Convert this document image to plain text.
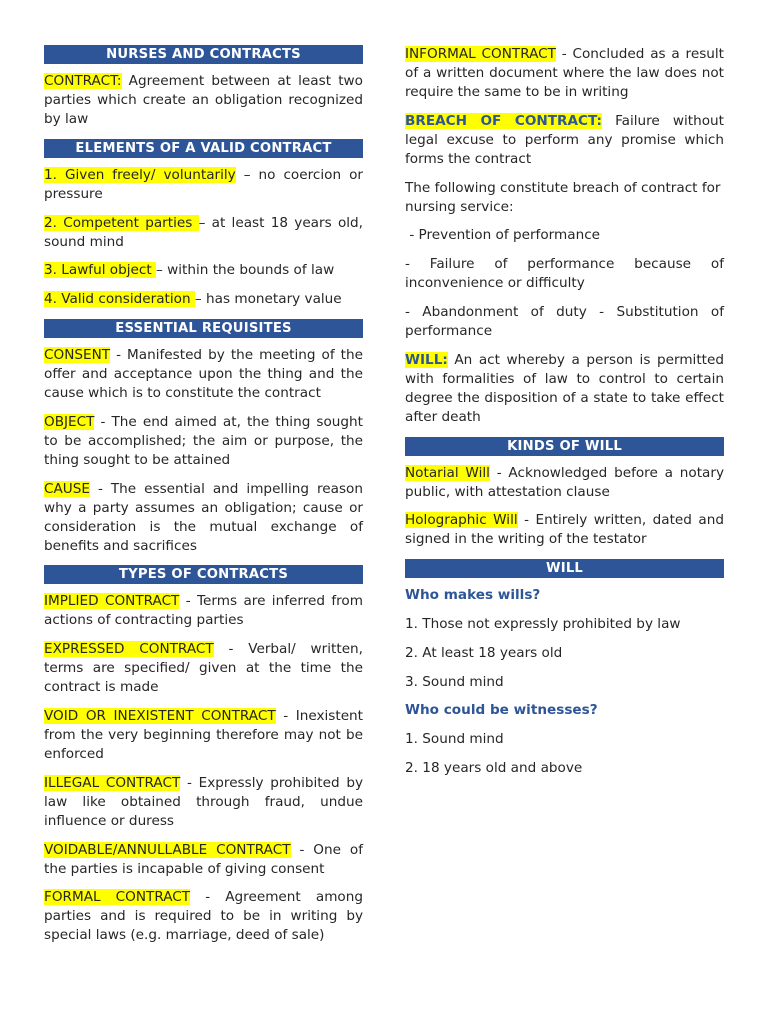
NURSES AND CONTRACTS

CONTRACT: Agreement between at least two parties which create an obligation recognized by law

ELEMENTS OF A VALID CONTRACT

1. Given freely/ voluntarily – no coercion or pressure

2. Competent parties – at least 18 years old, sound mind

3. Lawful object – within the bounds of law

4. Valid consideration – has monetary value

ESSENTIAL REQUISITES

CONSENT - Manifested by the meeting of the offer and acceptance upon the thing and the cause which is to constitute the contract

OBJECT - The end aimed at, the thing sought to be accomplished; the aim or purpose, the thing sought to be attained

CAUSE - The essential and impelling reason why a party assumes an obligation; cause or consideration is the mutual exchange of benefits and sacrifices

TYPES OF CONTRACTS

IMPLIED CONTRACT - Terms are inferred from actions of contracting parties

EXPRESSED CONTRACT - Verbal/ written, terms are specified/ given at the time the contract is made

VOID OR INEXISTENT CONTRACT - Inexistent from the very beginning therefore may not be enforced

ILLEGAL CONTRACT - Expressly prohibited by law like obtained through fraud, undue influence or duress

VOIDABLE/ANNULLABLE CONTRACT - One of the parties is incapable of giving consent

FORMAL CONTRACT - Agreement among parties and is required to be in writing by special laws (e.g. marriage, deed of sale)

INFORMAL CONTRACT - Concluded as a result of a written document where the law does not require the same to be in writing

BREACH OF CONTRACT: Failure without legal excuse to perform any promise which forms the contract

The following constitute breach of contract for nursing service:

- Prevention of performance

- Failure of performance because of inconvenience or difficulty

- Abandonment of duty - Substitution of performance

WILL: An act whereby a person is permitted with formalities of law to control to certain degree the disposition of a state to take effect after death

KINDS OF WILL

Notarial Will - Acknowledged before a notary public, with attestation clause

Holographic Will - Entirely written, dated and signed in the writing of the testator

WILL
Who makes wills?

1. Those not expressly prohibited by law

2. At least 18 years old

3. Sound mind

Who could be witnesses?

1. Sound mind

2. 18 years old and above
